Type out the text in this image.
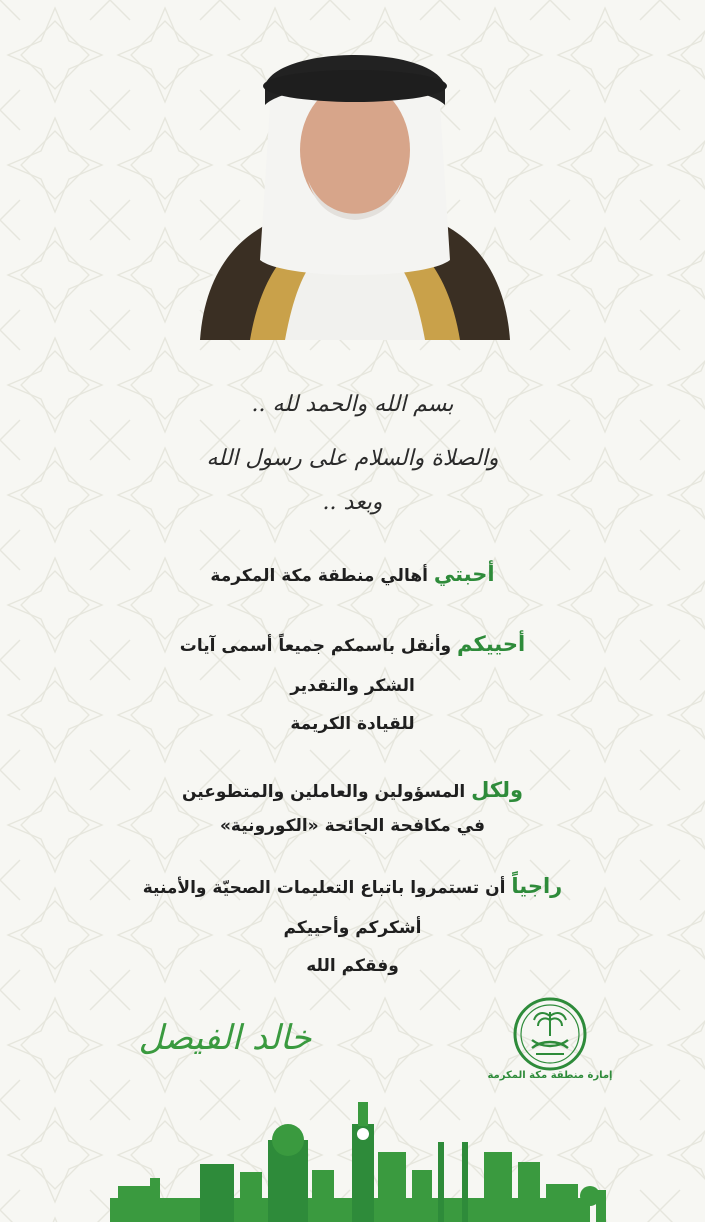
بسم الله والحمد لله ..
والصلاة والسلام على رسول الله
وبعد ..
أحبتي أهالي منطقة مكة المكرمة
أحييكم وأنقل باسمكم جميعاً أسمى آيات
الشكر والتقدير
للقيادة الكريمة
ولكل المسؤولين والعاملين والمتطوعين
في مكافحة الجائحة «الكورونية»
راجياً أن تستمروا باتباع التعليمات الصحيّة والأمنية
أشكركم وأحييكم
وفقكم الله
خالد الفيصل
إمارة منطقة مكة المكرمة
